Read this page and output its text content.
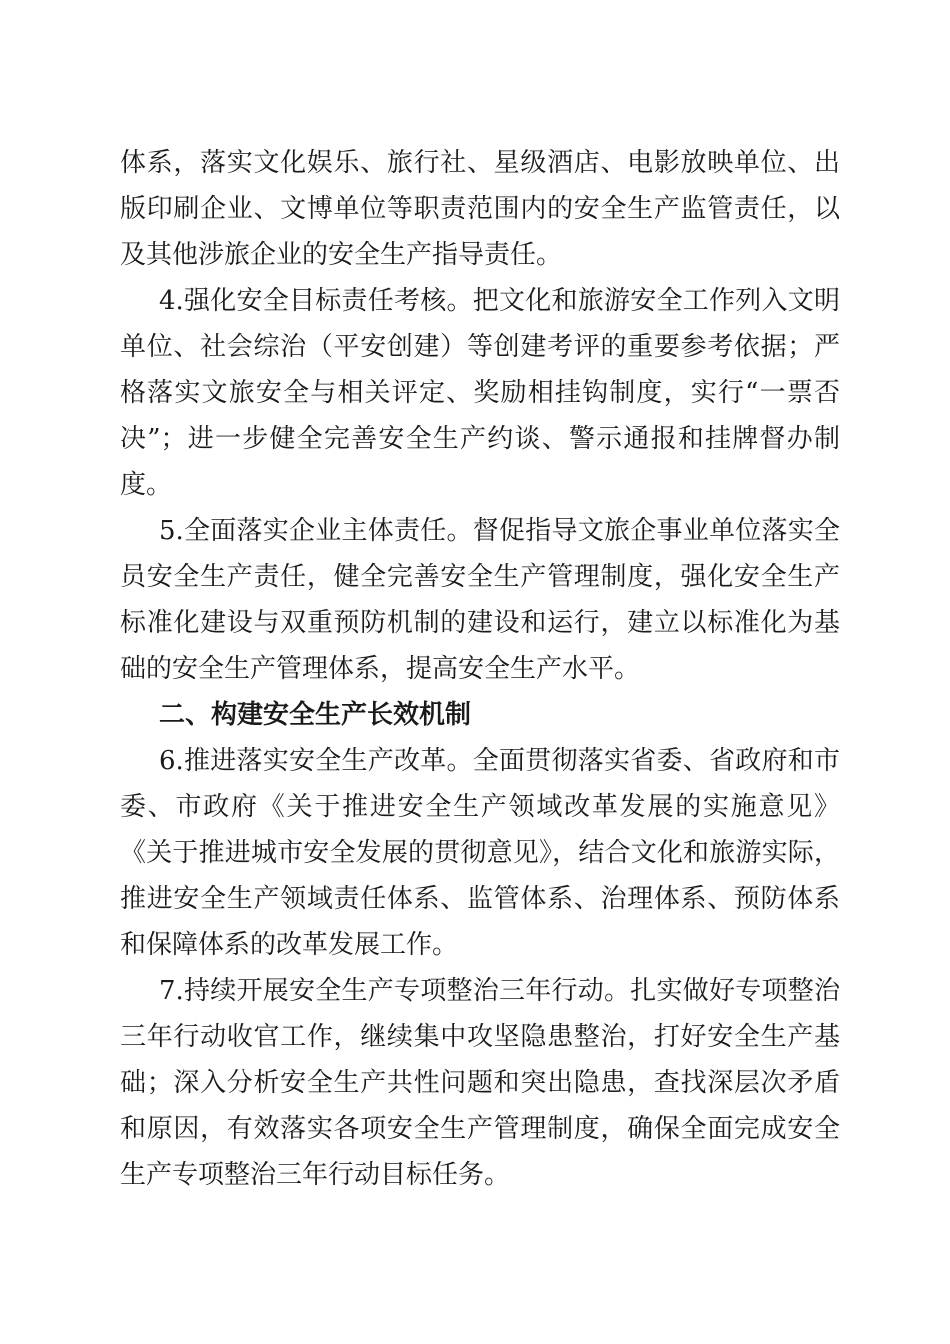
体系，落实文化娱乐、旅行社、星级酒店、电影放映单位、出
版印刷企业、文博单位等职责范围内的安全生产监管责任，以
及其他涉旅企业的安全生产指导责任。
4.强化安全目标责任考核。把文化和旅游安全工作列入文明
单位、社会综治（平安创建）等创建考评的重要参考依据；严
格落实文旅安全与相关评定、奖励相挂钩制度，实行“一票否
决”；进一步健全完善安全生产约谈、警示通报和挂牌督办制
度。
5.全面落实企业主体责任。督促指导文旅企事业单位落实全
员安全生产责任，健全完善安全生产管理制度，强化安全生产
标准化建设与双重预防机制的建设和运行，建立以标准化为基
础的安全生产管理体系，提高安全生产水平。
二、构建安全生产长效机制
6.推进落实安全生产改革。全面贯彻落实省委、省政府和市
委、市政府《关于推进安全生产领域改革发展的实施意见》
《关于推进城市安全发展的贯彻意见》，结合文化和旅游实际，
推进安全生产领域责任体系、监管体系、治理体系、预防体系
和保障体系的改革发展工作。
7.持续开展安全生产专项整治三年行动。扎实做好专项整治
三年行动收官工作，继续集中攻坚隐患整治，打好安全生产基
础；深入分析安全生产共性问题和突出隐患，查找深层次矛盾
和原因，有效落实各项安全生产管理制度，确保全面完成安全
生产专项整治三年行动目标任务。
